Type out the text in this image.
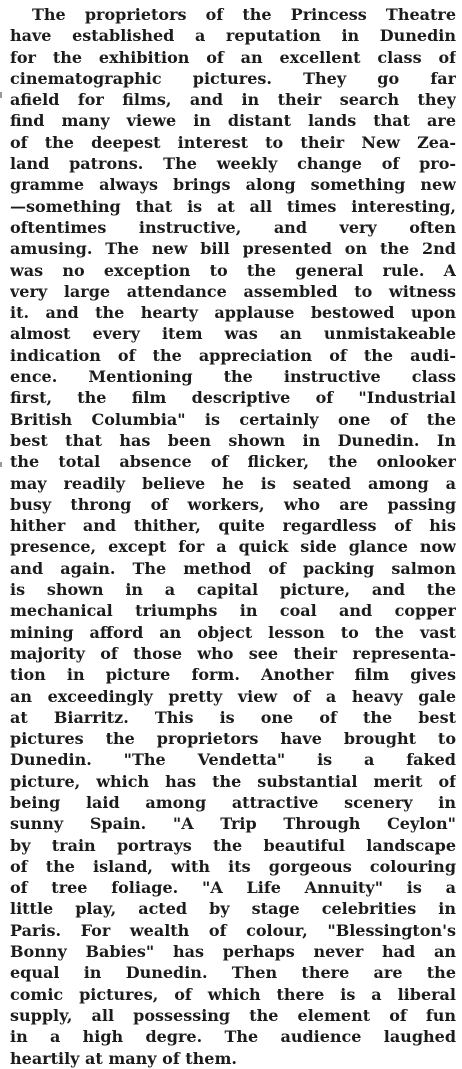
The proprietors of the Princess Theatre
have established a reputation in Dunedin
for the exhibition of an excellent class of
cinematographic pictures. They go far
afield for films, and in their search they
find many viewe in distant lands that are
of the deepest interest to their New Zea-
land patrons. The weekly change of pro-
gramme always brings along something new
—something that is at all times interesting,
oftentimes instructive, and very often
amusing. The new bill presented on the 2nd
was no exception to the general rule. A
very large attendance assembled to witness
it. and the hearty applause bestowed upon
almost every item was an unmistakeable
indication of the appreciation of the audi-
ence. Mentioning the instructive class
first, the film descriptive of "Industrial
British Columbia" is certainly one of the
best that has been shown in Dunedin. In
the total absence of flicker, the onlooker
may readily believe he is seated among a
busy throng of workers, who are passing
hither and thither, quite regardless of his
presence, except for a quick side glance now
and again. The method of packing salmon
is shown in a capital picture, and the
mechanical triumphs in coal and copper
mining afford an object lesson to the vast
majority of those who see their representa-
tion in picture form. Another film gives
an exceedingly pretty view of a heavy gale
at Biarritz. This is one of the best
pictures the proprietors have brought to
Dunedin. "The Vendetta" is a faked
picture, which has the substantial merit of
being laid among attractive scenery in
sunny Spain. "A Trip Through Ceylon"
by train portrays the beautiful landscape
of the island, with its gorgeous colouring
of tree foliage. "A Life Annuity" is a
little play, acted by stage celebrities in
Paris. For wealth of colour, "Blessington's
Bonny Babies" has perhaps never had an
equal in Dunedin. Then there are the
comic pictures, of which there is a liberal
supply, all possessing the element of fun
in a high degre. The audience laughed
heartily at many of them.
